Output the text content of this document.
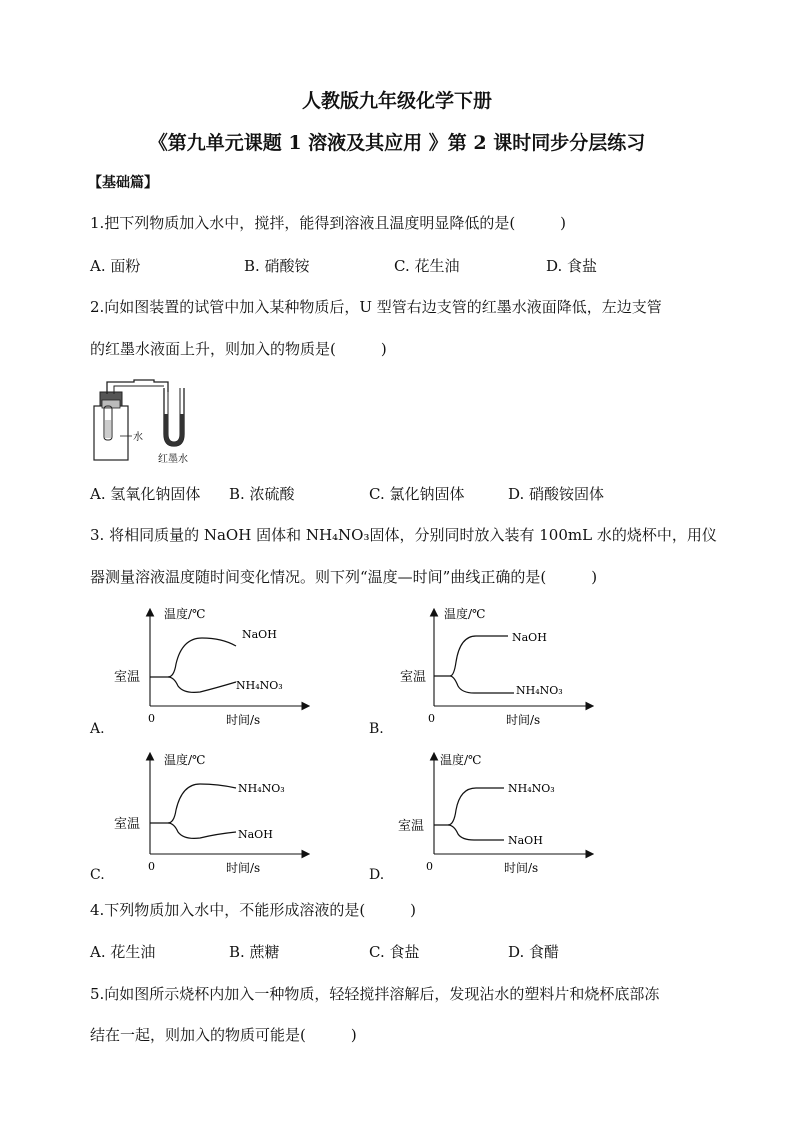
人教版九年级化学下册
《第九单元课题 1 溶液及其应用 》第 2 课时同步分层练习
【基础篇】
1.把下列物质加入水中，搅拌，能得到溶液且温度明显降低的是(　　　)
A. 面粉	B. 硝酸铵	C. 花生油	D. 食盐
2.向如图装置的试管中加入某种物质后，U 型管右边支管的红墨水液面降低，左边支管
的红墨水液面上升，则加入的物质是(　　　)
水
红墨水
A. 氢氧化钠固体 B. 浓硫酸	C. 氯化钠固体	D. 硝酸铵固体
3. 将相同质量的 NaOH 固体和 NH₄NO₃固体，分别同时放入装有 100mL 水的烧杯中，用仪
器测量溶液温度随时间变化情况。则下列“温度—时间”曲线正确的是(　　　)
A.
温度/℃
室温
0	时间/s
NaOH
NH₄NO₃
B.
温度/℃
室温
0	时间/s
NaOH
NH₄NO₃
C.
温度/℃
室温
0	时间/s
NH₄NO₃
NaOH
D.
温度/℃
室温
0	时间/s
NH₄NO₃
NaOH
4.下列物质加入水中，不能形成溶液的是(　　　)
A. 花生油	B. 蔗糖	C. 食盐	D. 食醋
5.向如图所示烧杯内加入一种物质，轻轻搅拌溶解后，发现沾水的塑料片和烧杯底部冻
结在一起，则加入的物质可能是(　　　)
